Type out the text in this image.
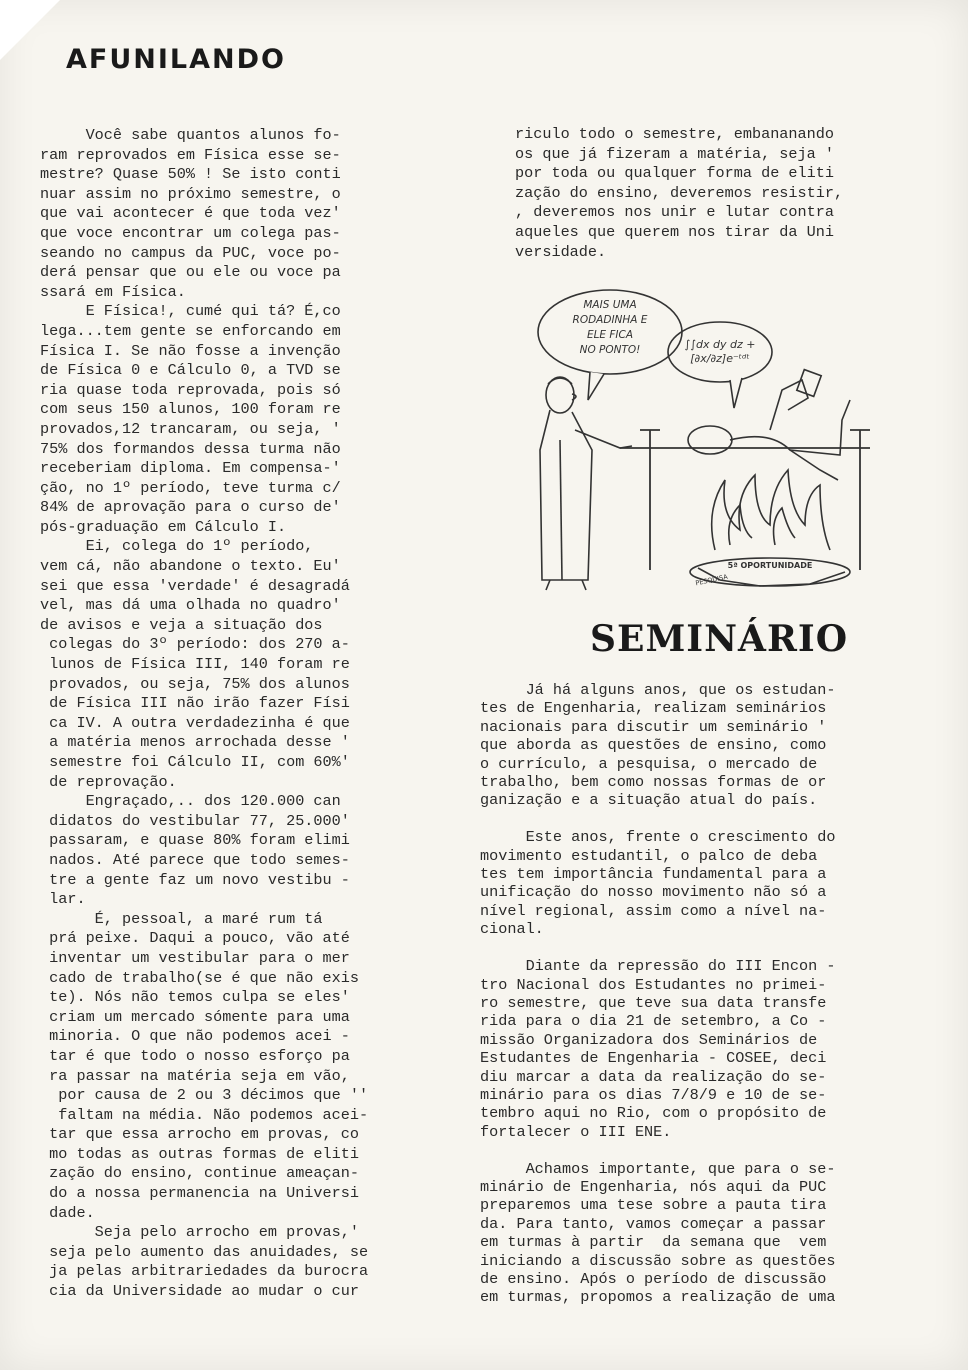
AFUNILANDO
Você sabe quantos alunos fo-
ram reprovados em Física esse se-
mestre? Quase 50% ! Se isto conti
nuar assim no próximo semestre, o
que vai acontecer é que toda vez'
que voce encontrar um colega pas-
seando no campus da PUC, voce po-
derá pensar que ou ele ou voce pa
ssará em Física.
E Física!, cumé qui tá? É,co
lega...tem gente se enforcando em
Física I. Se não fosse a invenção
de Física 0 e Cálculo 0, a TVD se
ria quase toda reprovada, pois só
com seus 150 alunos, 100 foram re
provados,12 trancaram, ou seja, '
75% dos formandos dessa turma não
receberiam diploma. Em compensa-'
ção, no 1º período, teve turma c/
84% de aprovação para o curso de'
pós-graduação em Cálculo I.
Ei, colega do 1º período,
vem cá, não abandone o texto. Eu'
sei que essa 'verdade' é desagradá
vel, mas dá uma olhada no quadro'
de avisos e veja a situação dos
colegas do 3º período: dos 270 a-
lunos de Física III, 140 foram re
provados, ou seja, 75% dos alunos
de Física III não irão fazer Físi
ca IV. A outra verdadezinha é que
a matéria menos arrochada desse '
semestre foi Cálculo II, com 60%'
de reprovação.
Engraçado,.. dos 120.000 can
didatos do vestibular 77, 25.000'
passaram, e quase 80% foram elimi
nados. Até parece que todo semes-
tre a gente faz um novo vestibu -
lar.
É, pessoal, a maré rum tá
prá peixe. Daqui a pouco, vão até
inventar um vestibular para o mer
cado de trabalho(se é que não exis
te). Nós não temos culpa se eles'
criam um mercado sómente para uma
minoria. O que não podemos acei -
tar é que todo o nosso esforço pa
ra passar na matéria seja em vão,
por causa de 2 ou 3 décimos que ''
faltam na média. Não podemos acei-
tar que essa arrocho em provas, co
mo todas as outras formas de eliti
zação do ensino, continue ameaçan-
do a nossa permanencia na Universi
dade.
Seja pelo arrocho em provas,'
seja pelo aumento das anuidades, se
ja pelas arbitrariedades da burocra
cia da Universidade ao mudar o cur
riculo todo o semestre, embananando
os que já fizeram a matéria, seja '
por toda ou qualquer forma de eliti
zação do ensino, deveremos resistir,
, deveremos nos unir e lutar contra
aqueles que querem nos tirar da Uni
versidade.
MAIS UMA RODADINHA E ELE FICA NO PONTO!	∫∫dx dy dz + [∂x/∂z]e⁻ᵗᵈᵗ
5ª OPORTUNIDADE
PESQUISA
SEMINÁRIO
Já há alguns anos, que os estudan-
tes de Engenharia, realizam seminários
nacionais para discutir um seminário '
que aborda as questões de ensino, como
o currículo, a pesquisa, o mercado de
trabalho, bem como nossas formas de or
ganização e a situação atual do país.

Este anos, frente o crescimento do
movimento estudantil, o palco de deba
tes tem importância fundamental para a
unificação do nosso movimento não só a
nível regional, assim como a nível na-
cional.

Diante da repressão do III Encon -
tro Nacional dos Estudantes no primei-
ro semestre, que teve sua data transfe
rida para o dia 21 de setembro, a Co -
missão Organizadora dos Seminários de
Estudantes de Engenharia - COSEE, deci
diu marcar a data da realização do se-
minário para os dias 7/8/9 e 10 de se-
tembro aqui no Rio, com o propósito de
fortalecer o III ENE.

Achamos importante, que para o se-
minário de Engenharia, nós aqui da PUC
preparemos uma tese sobre a pauta tira
da. Para tanto, vamos começar a passar
em turmas à partir  da semana que  vem
iniciando a discussão sobre as questões
de ensino. Após o período de discussão
em turmas, propomos a realização de uma
